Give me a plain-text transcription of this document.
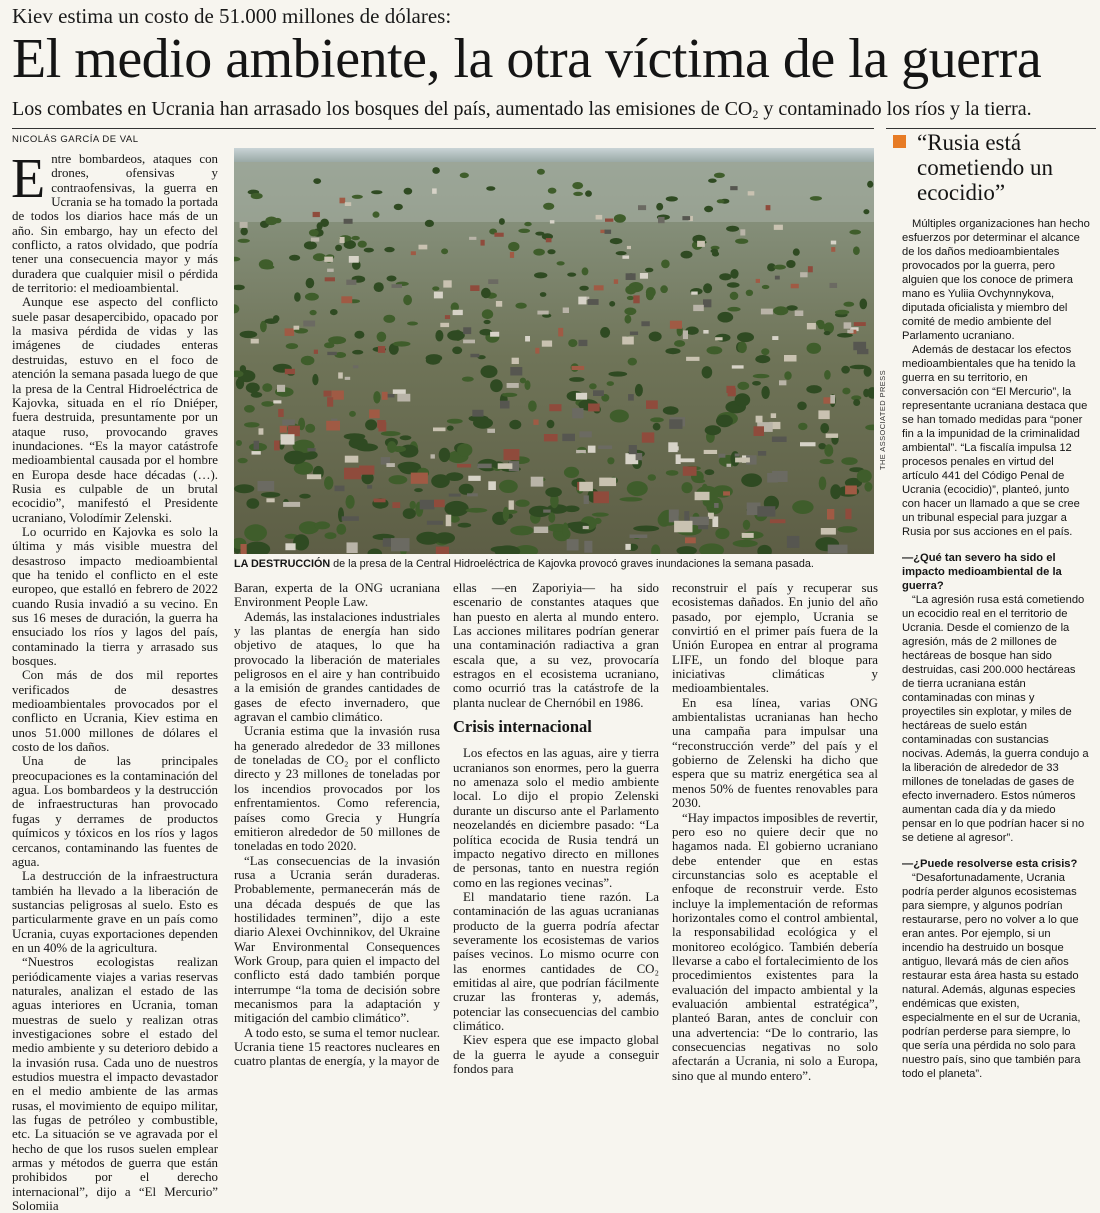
Kiev estima un costo de 51.000 millones de dólares:
El medio ambiente, la otra víctima de la guerra
Los combates en Ucrania han arrasado los bosques del país, aumentado las emisiones de $CO_2$ y contaminado los ríos y la tierra.
NICOLÁS GARCÍA DE VAL

Entre bombardeos, ataques con drones, ofensivas y contraofensivas, la guerra en Ucrania se ha tomado la portada de todos los diarios hace más de un año. Sin embargo, hay un efecto del conflicto, a ratos olvidado, que podría tener una consecuencia mayor y más duradera que cualquier misil o pérdida de territorio: el medioambiental.

Aunque ese aspecto del conflicto suele pasar desapercibido, opacado por la masiva pérdida de vidas y las imágenes de ciudades enteras destruidas, estuvo en el foco de atención la semana pasada luego de que la presa de la Central Hidroeléctrica de Kajovka, situada en el río Dniéper, fuera destruida, presuntamente por un ataque ruso, provocando graves inundaciones. “Es la mayor catástrofe medioambiental causada por el hombre en Europa desde hace décadas (…). Rusia es culpable de un brutal ecocidio”, manifestó el Presidente ucraniano, Volodímir Zelenski.

Lo ocurrido en Kajovka es solo la última y más visible muestra del desastroso impacto medioambiental que ha tenido el conflicto en el este europeo, que estalló en febrero de 2022 cuando Rusia invadió a su vecino. En sus 16 meses de duración, la guerra ha ensuciado los ríos y lagos del país, contaminado la tierra y arrasado sus bosques.

Con más de dos mil reportes verificados de desastres medioambientales provocados por el conflicto en Ucrania, Kiev estima en unos 51.000 millones de dólares el costo de los daños.

Una de las principales preocupaciones es la contaminación del agua. Los bombardeos y la destrucción de infraestructuras han provocado fugas y derrames de productos químicos y tóxicos en los ríos y lagos cercanos, contaminando las fuentes de agua.

La destrucción de la infraestructura también ha llevado a la liberación de sustancias peligrosas al suelo. Esto es particularmente grave en un país como Ucrania, cuyas exportaciones dependen en un 40% de la agricultura.

“Nuestros ecologistas realizan periódicamente viajes a varias reservas naturales, analizan el estado de las aguas interiores en Ucrania, toman muestras de suelo y realizan otras investigaciones sobre el estado del medio ambiente y su deterioro debido a la invasión rusa. Cada uno de nuestros estudios muestra el impacto devastador en el medio ambiente de las armas rusas, el movimiento de equipo militar, las fugas de petróleo y combustible, etc. La situación se ve agravada por el hecho de que los rusos suelen emplear armas y métodos de guerra que están prohibidos por el derecho internacional”, dijo a “El Mercurio” Solomiia

THE ASSOCIATED PRESS
LA DESTRUCCIÓN de la presa de la Central Hidroeléctrica de Kajovka provocó graves inundaciones la semana pasada.

Baran, experta de la ONG ucraniana Environment People Law.

Además, las instalaciones industriales y las plantas de energía han sido objetivo de ataques, lo que ha provocado la liberación de materiales peligrosos en el aire y han contribuido a la emisión de grandes cantidades de gases de efecto invernadero, que agravan el cambio climático.

Ucrania estima que la invasión rusa ha generado alrededor de 33 millones de toneladas de CO₂ por el conflicto directo y 23 millones de toneladas por los incendios provocados por los enfrentamientos. Como referencia, países como Grecia y Hungría emitieron alrededor de 50 millones de toneladas en todo 2020.

“Las consecuencias de la invasión rusa a Ucrania serán duraderas. Probablemente, permanecerán más de una década después de que las hostilidades terminen”, dijo a este diario Alexei Ovchinnikov, del Ukraine War Environmental Consequences Work Group, para quien el impacto del conflicto está dado también porque interrumpe “la toma de decisión sobre mecanismos para la adaptación y mitigación del cambio climático”.

A todo esto, se suma el temor nuclear. Ucrania tiene 15 reactores nucleares en cuatro plantas de energía, y la mayor de

ellas —en Zaporiyia— ha sido escenario de constantes ataques que han puesto en alerta al mundo entero. Las acciones militares podrían generar una contaminación radiactiva a gran escala que, a su vez, provocaría estragos en el ecosistema ucraniano, como ocurrió tras la catástrofe de la planta nuclear de Chernóbil en 1986.

Crisis internacional

Los efectos en las aguas, aire y tierra ucranianos son enormes, pero la guerra no amenaza solo el medio ambiente local. Lo dijo el propio Zelenski durante un discurso ante el Parlamento neozelandés en diciembre pasado: “La política ecocida de Rusia tendrá un impacto negativo directo en millones de personas, tanto en nuestra región como en las regiones vecinas”.

El mandatario tiene razón. La contaminación de las aguas ucranianas producto de la guerra podría afectar severamente los ecosistemas de varios países vecinos. Lo mismo ocurre con las enormes cantidades de CO₂ emitidas al aire, que podrían fácilmente cruzar las fronteras y, además, potenciar las consecuencias del cambio climático.

Kiev espera que ese impacto global de la guerra le ayude a conseguir fondos para

reconstruir el país y recuperar sus ecosistemas dañados. En junio del año pasado, por ejemplo, Ucrania se convirtió en el primer país fuera de la Unión Europea en entrar al programa LIFE, un fondo del bloque para iniciativas climáticas y medioambientales.

En esa línea, varias ONG ambientalistas ucranianas han hecho una campaña para impulsar una “reconstrucción verde” del país y el gobierno de Zelenski ha dicho que espera que su matriz energética sea al menos 50% de fuentes renovables para 2030.

“Hay impactos imposibles de revertir, pero eso no quiere decir que no hagamos nada. El gobierno ucraniano debe entender que en estas circunstancias solo es aceptable el enfoque de reconstruir verde. Esto incluye la implementación de reformas horizontales como el control ambiental, la responsabilidad ecológica y el monitoreo ecológico. También debería llevarse a cabo el fortalecimiento de los procedimientos existentes para la evaluación del impacto ambiental y la evaluación ambiental estratégica”, planteó Baran, antes de concluir con una advertencia: “De lo contrario, las consecuencias negativas no solo afectarán a Ucrania, ni solo a Europa, sino que al mundo entero”.

“Rusia está cometiendo un ecocidio”

Múltiples organizaciones han hecho esfuerzos por determinar el alcance de los daños medioambientales provocados por la guerra, pero alguien que los conoce de primera mano es Yuliia Ovchynnykova, diputada oficialista y miembro del comité de medio ambiente del Parlamento ucraniano.

Además de destacar los efectos medioambientales que ha tenido la guerra en su territorio, en conversación con “El Mercurio”, la representante ucraniana destaca que se han tomado medidas para “poner fin a la impunidad de la criminalidad ambiental”. “La fiscalía impulsa 12 procesos penales en virtud del artículo 441 del Código Penal de Ucrania (ecocidio)”, planteó, junto con hacer un llamado a que se cree un tribunal especial para juzgar a Rusia por sus acciones en el país.

—¿Qué tan severo ha sido el impacto medioambiental de la guerra?

“La agresión rusa está cometiendo un ecocidio real en el territorio de Ucrania. Desde el comienzo de la agresión, más de 2 millones de hectáreas de bosque han sido destruidas, casi 200.000 hectáreas de tierra ucraniana están contaminadas con minas y proyectiles sin explotar, y miles de hectáreas de suelo están contaminadas con sustancias nocivas. Además, la guerra condujo a la liberación de alrededor de 33 millones de toneladas de gases de efecto invernadero. Estos números aumentan cada día y da miedo pensar en lo que podrían hacer si no se detiene al agresor”.

—¿Puede resolverse esta crisis?

“Desafortunadamente, Ucrania podría perder algunos ecosistemas para siempre, y algunos podrían restaurarse, pero no volver a lo que eran antes. Por ejemplo, si un incendio ha destruido un bosque antiguo, llevará más de cien años restaurar esta área hasta su estado natural. Además, algunas especies endémicas que existen, especialmente en el sur de Ucrania, podrían perderse para siempre, lo que sería una pérdida no solo para nuestro país, sino que también para todo el planeta”.
